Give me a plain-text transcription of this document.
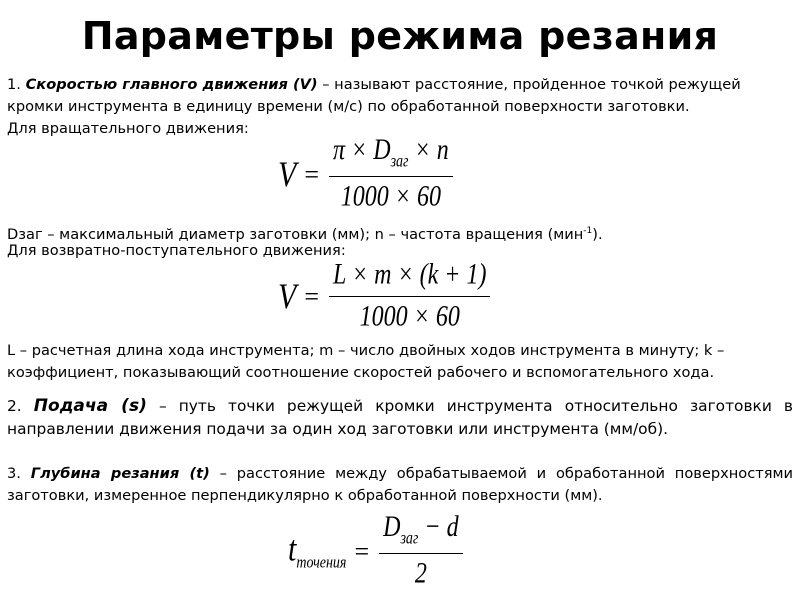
Параметры режима резания
1. Скоростью главного движения (V) – называют расстояние, пройденное точкой режущей кромки инструмента в единицу времени (м/с) по обработанной поверхности заготовки.
Для вращательного движения:
$V = \frac{\pi \times D_{заг} \times n}{1000 \times 60}$
Dзаг – максимальный диаметр заготовки (мм); n – частота вращения (мин$^{-1}$).
Для возвратно-поступательного движения:
$V = \frac{L \times m \times (k + 1)}{1000 \times 60}$
L – расчетная длина хода инструмента; m – число двойных ходов инструмента в минуту; k – коэффициент, показывающий соотношение скоростей рабочего и вспомогательного хода.
2. Подача (s) – путь точки режущей кромки инструмента относительно заготовки в направлении движения подачи за один ход заготовки или инструмента (мм/об).
3. Глубина резания (t) – расстояние между обрабатываемой и обработанной поверхностями заготовки, измеренное перпендикулярно к обработанной поверхности (мм).
$t_{точения} = \frac{D_{заг} - d}{2}$
